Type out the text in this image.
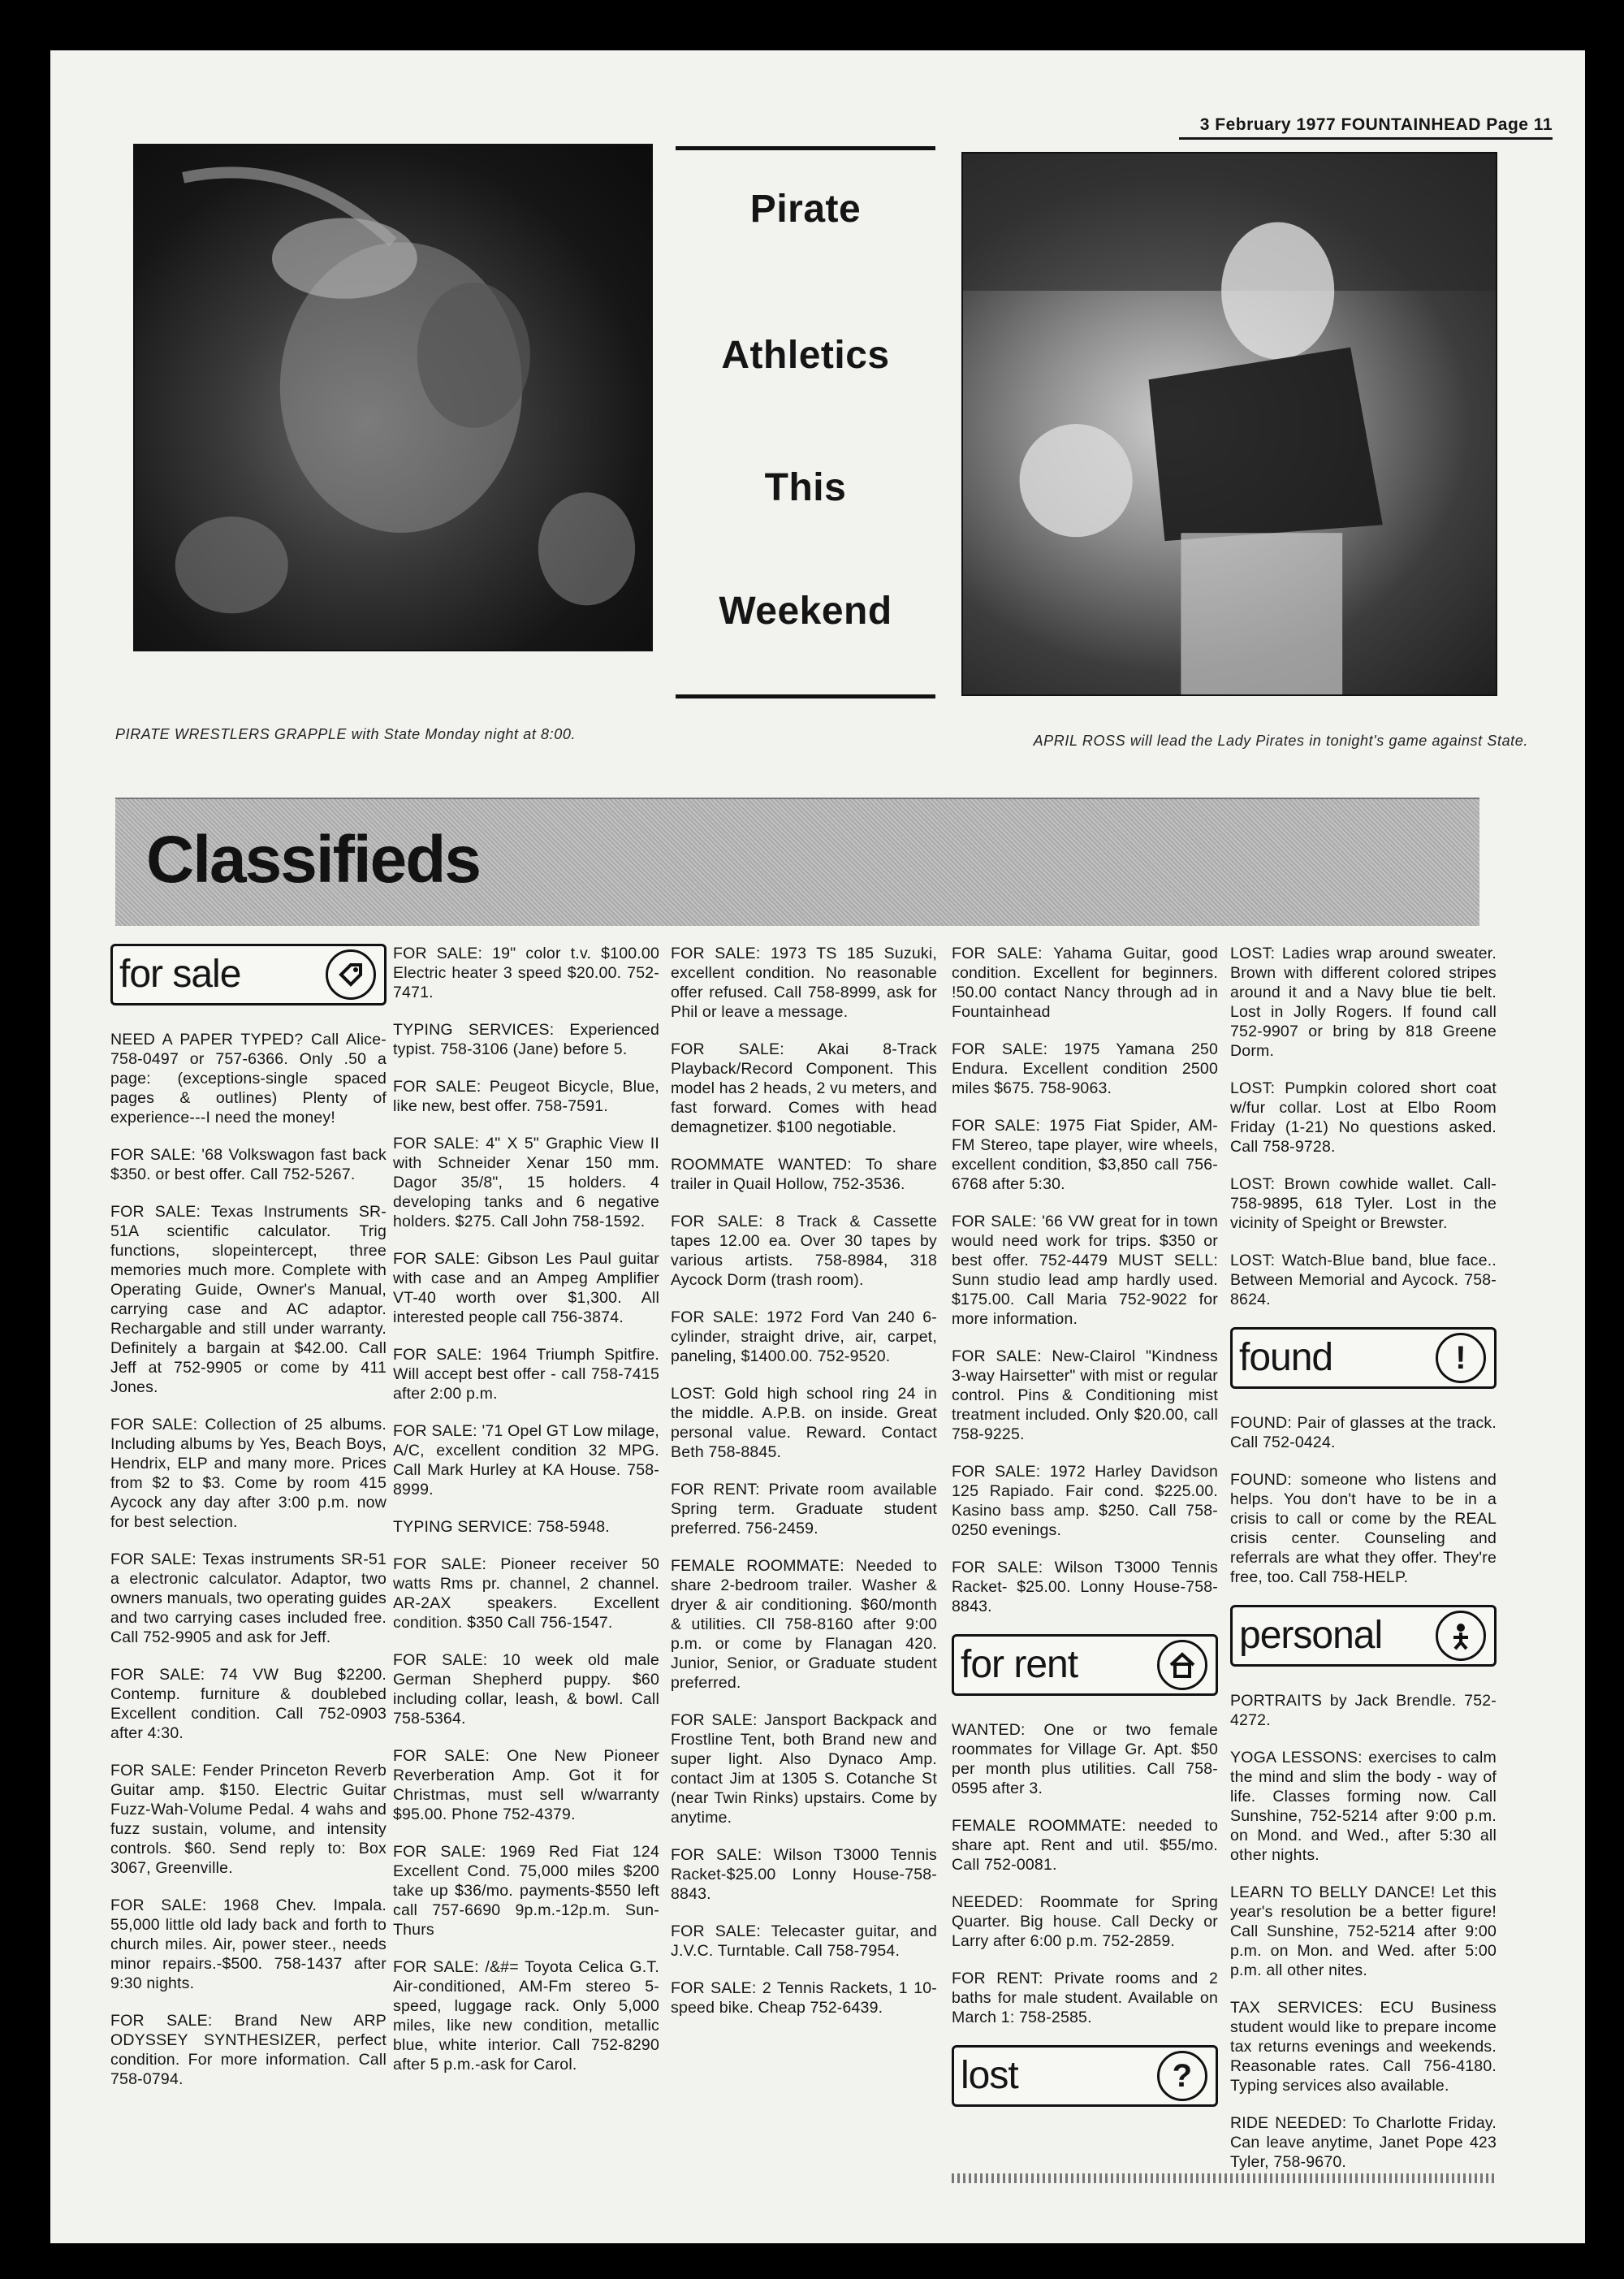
3 February 1977 FOUNTAINHEAD Page 11
Pirate
Athletics
This
Weekend
PIRATE WRESTLERS GRAPPLE with State Monday night at 8:00.	APRIL ROSS will lead the Lady Pirates in tonight's game against State.
Classifieds
for sale

NEED A PAPER TYPED? Call Alice-758-0497 or 757-6366. Only .50 a page: (exceptions-single spaced pages & outlines) Plenty of experience---I need the money!

FOR SALE: '68 Volkswagon fast back $350. or best offer. Call 752-5267.

FOR SALE: Texas Instruments SR-51A scientific calculator. Trig functions, slopeintercept, three memories much more. Complete with Operating Guide, Owner's Manual, carrying case and AC adaptor. Rechargable and still under warranty. Definitely a bargain at $42.00. Call Jeff at 752-9905 or come by 411 Jones.

FOR SALE: Collection of 25 albums. Including albums by Yes, Beach Boys, Hendrix, ELP and many more. Prices from $2 to $3. Come by room 415 Aycock any day after 3:00 p.m. now for best selection.

FOR SALE: Texas instruments SR-51 a electronic calculator. Adaptor, two owners manuals, two operating guides and two carrying cases included free. Call 752-9905 and ask for Jeff.

FOR SALE: 74 VW Bug $2200. Contemp. furniture & doublebed Excellent condition. Call 752-0903 after 4:30.

FOR SALE: Fender Princeton Reverb Guitar amp. $150. Electric Guitar Fuzz-Wah-Volume Pedal. 4 wahs and fuzz sustain, volume, and intensity controls. $60. Send reply to: Box 3067, Greenville.

FOR SALE: 1968 Chev. Impala. 55,000 little old lady back and forth to church miles. Air, power steer., needs minor repairs.-$500. 758-1437 after 9:30 nights.

FOR SALE: Brand New ARP ODYSSEY SYNTHESIZER, perfect condition. For more information. Call 758-0794.

FOR SALE: 19" color t.v. $100.00 Electric heater 3 speed $20.00. 752-7471.

TYPING SERVICES: Experienced typist. 758-3106 (Jane) before 5.

FOR SALE: Peugeot Bicycle, Blue, like new, best offer. 758-7591.

FOR SALE: 4" X 5" Graphic View II with Schneider Xenar 150 mm. Dagor 35/8", 15 holders. 4 developing tanks and 6 negative holders. $275. Call John 758-1592.

FOR SALE: Gibson Les Paul guitar with case and an Ampeg Amplifier VT-40 worth over $1,300. All interested people call 756-3874.

FOR SALE: 1964 Triumph Spitfire. Will accept best offer - call 758-7415 after 2:00 p.m.

FOR SALE: '71 Opel GT Low milage, A/C, excellent condition 32 MPG. Call Mark Hurley at KA House. 758-8999.

TYPING SERVICE: 758-5948.

FOR SALE: Pioneer receiver 50 watts Rms pr. channel, 2 channel. AR-2AX speakers. Excellent condition. $350 Call 756-1547.

FOR SALE: 10 week old male German Shepherd puppy. $60 including collar, leash, & bowl. Call 758-5364.

FOR SALE: One New Pioneer Reverberation Amp. Got it for Christmas, must sell w/warranty $95.00. Phone 752-4379.

FOR SALE: 1969 Red Fiat 124 Excellent Cond. 75,000 miles $200 take up $36/mo. payments-$550 left call 757-6690 9p.m.-12p.m. Sun-Thurs

FOR SALE: /&#= Toyota Celica G.T. Air-conditioned, AM-Fm stereo 5-speed, luggage rack. Only 5,000 miles, like new condition, metallic blue, white interior. Call 752-8290 after 5 p.m.-ask for Carol.

FOR SALE: 1973 TS 185 Suzuki, excellent condition. No reasonable offer refused. Call 758-8999, ask for Phil or leave a message.

FOR SALE: Akai 8-Track Playback/Record Component. This model has 2 heads, 2 vu meters, and fast forward. Comes with head demagnetizer. $100 negotiable.

ROOMMATE WANTED: To share trailer in Quail Hollow, 752-3536.

FOR SALE: 8 Track & Cassette tapes 12.00 ea. Over 30 tapes by various artists. 758-8984, 318 Aycock Dorm (trash room).

FOR SALE: 1972 Ford Van 240 6-cylinder, straight drive, air, carpet, paneling, $1400.00. 752-9520.

LOST: Gold high school ring 24 in the middle. A.P.B. on inside. Great personal value. Reward. Contact Beth 758-8845.

FOR RENT: Private room available Spring term. Graduate student preferred. 756-2459.

FEMALE ROOMMATE: Needed to share 2-bedroom trailer. Washer & dryer & air conditioning. $60/month & utilities. Cll 758-8160 after 9:00 p.m. or come by Flanagan 420. Junior, Senior, or Graduate student preferred.

FOR SALE: Jansport Backpack and Frostline Tent, both Brand new and super light. Also Dynaco Amp. contact Jim at 1305 S. Cotanche St (near Twin Rinks) upstairs. Come by anytime.

FOR SALE: Wilson T3000 Tennis Racket-$25.00 Lonny House-758-8843.

FOR SALE: Telecaster guitar, and J.V.C. Turntable. Call 758-7954.

FOR SALE: 2 Tennis Rackets, 1 10-speed bike. Cheap 752-6439.

FOR SALE: Yahama Guitar, good condition. Excellent for beginners. !50.00 contact Nancy through ad in Fountainhead

FOR SALE: 1975 Yamana 250 Endura. Excellent condition 2500 miles $675. 758-9063.

FOR SALE: 1975 Fiat Spider, AM-FM Stereo, tape player, wire wheels, excellent condition, $3,850 call 756-6768 after 5:30.

FOR SALE: '66 VW great for in town would need work for trips. $350 or best offer. 752-4479 MUST SELL: Sunn studio lead amp hardly used. $175.00. Call Maria 752-9022 for more information.

FOR SALE: New-Clairol "Kindness 3-way Hairsetter" with mist or regular control. Pins & Conditioning mist treatment included. Only $20.00, call 758-9225.

FOR SALE: 1972 Harley Davidson 125 Rapiado. Fair cond. $225.00. Kasino bass amp. $250. Call 758-0250 evenings.

FOR SALE: Wilson T3000 Tennis Racket- $25.00. Lonny House-758-8843.

for rent

WANTED: One or two female roommates for Village Gr. Apt. $50 per month plus utilities. Call 758-0595 after 3.

FEMALE ROOMMATE: needed to share apt. Rent and util. $55/mo. Call 752-0081.

NEEDED: Roommate for Spring Quarter. Big house. Call Decky or Larry after 6:00 p.m. 752-2859.

FOR RENT: Private rooms and 2 baths for male student. Available on March 1: 758-2585.

lost	?

LOST: Ladies wrap around sweater. Brown with different colored stripes around it and a Navy blue tie belt. Lost in Jolly Rogers. If found call 752-9907 or bring by 818 Greene Dorm.

LOST: Pumpkin colored short coat w/fur collar. Lost at Elbo Room Friday (1-21) No questions asked. Call 758-9728.

LOST: Brown cowhide wallet. Call-758-9895, 618 Tyler. Lost in the vicinity of Speight or Brewster.

LOST: Watch-Blue band, blue face.. Between Memorial and Aycock. 758-8624.

found	!

FOUND: Pair of glasses at the track. Call 752-0424.

FOUND: someone who listens and helps. You don't have to be in a crisis to call or come by the REAL crisis center. Counseling and referrals are what they offer. They're free, too. Call 758-HELP.

personal

PORTRAITS by Jack Brendle. 752-4272.

YOGA LESSONS: exercises to calm the mind and slim the body - way of life. Classes forming now. Call Sunshine, 752-5214 after 9:00 p.m. on Mond. and Wed., after 5:30 all other nights.

LEARN TO BELLY DANCE! Let this year's resolution be a better figure! Call Sunshine, 752-5214 after 9:00 p.m. on Mon. and Wed. after 5:00 p.m. all other nites.

TAX SERVICES: ECU Business student would like to prepare income tax returns evenings and weekends. Reasonable rates. Call 756-4180. Typing services also available.

RIDE NEEDED: To Charlotte Friday. Can leave anytime, Janet Pope 423 Tyler, 758-9670.
